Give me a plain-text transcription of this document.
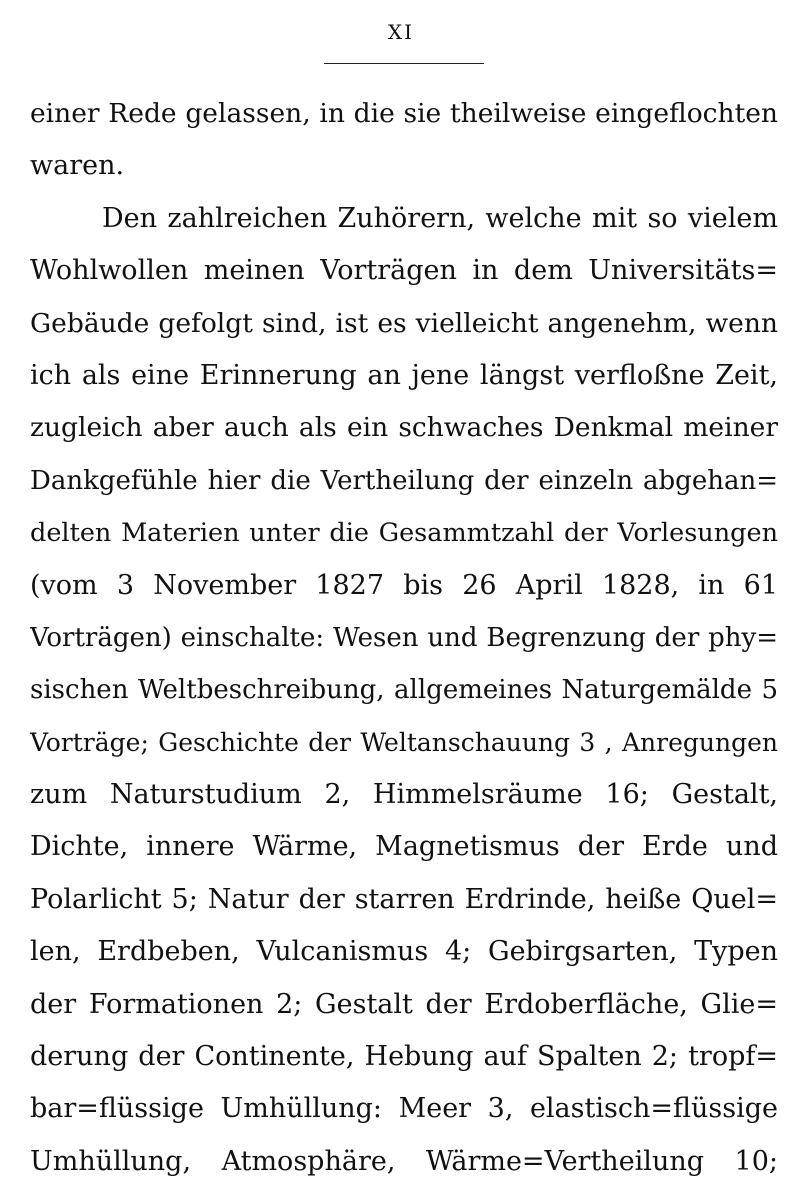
XI
einer Rede gelassen, in die sie theilweise eingeflochten
waren.
Den zahlreichen Zuhörern, welche mit so vielem
Wohlwollen meinen Vorträgen in dem Universitäts=
Gebäude gefolgt sind, ist es vielleicht angenehm, wenn
ich als eine Erinnerung an jene längst verfloßne Zeit,
zugleich aber auch als ein schwaches Denkmal meiner
Dankgefühle hier die Vertheilung der einzeln abgehan=
delten Materien unter die Gesammtzahl der Vorlesungen
(vom 3 November 1827 bis 26 April 1828, in 61
Vorträgen) einschalte: Wesen und Begrenzung der phy=
sischen Weltbeschreibung, allgemeines Naturgemälde 5
Vorträge; Geschichte der Weltanschauung 3 , Anregungen
zum Naturstudium 2, Himmelsräume 16; Gestalt,
Dichte, innere Wärme, Magnetismus der Erde und
Polarlicht 5; Natur der starren Erdrinde, heiße Quel=
len, Erdbeben, Vulcanismus 4; Gebirgsarten, Typen
der Formationen 2; Gestalt der Erdoberfläche, Glie=
derung der Continente, Hebung auf Spalten 2; tropf=
bar=flüssige Umhüllung: Meer 3, elastisch=flüssige
Umhüllung, Atmosphäre, Wärme=Vertheilung 10;
